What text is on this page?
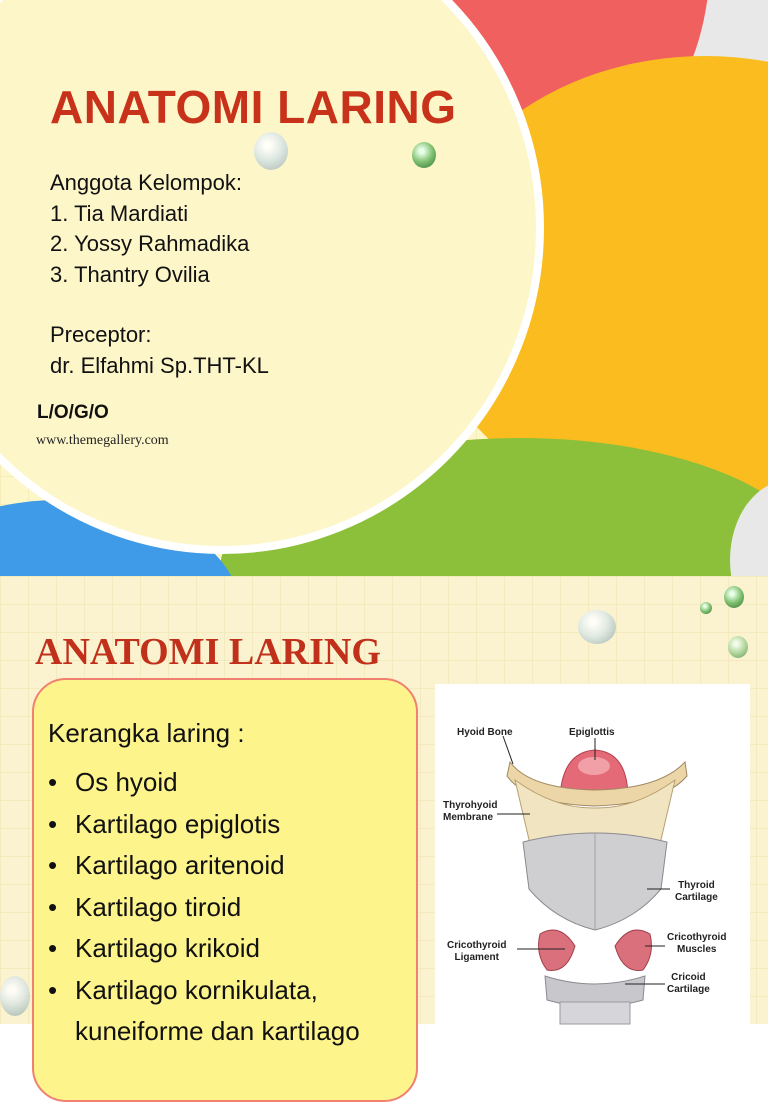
ANATOMI LARING
Anggota Kelompok:
1. Tia Mardiati
2. Yossy Rahmadika
3. Thantry Ovilia
Preceptor:
dr. Elfahmi Sp.THT-KL
L/O/G/O
www.themegallery.com
ANATOMI LARING
Kerangka laring :
• Os hyoid
• Kartilago epiglotis
• Kartilago aritenoid
• Kartilago tiroid
• Kartilago krikoid
• Kartilago kornikulata,
kuneiforme dan kartilago
Hyoid Bone	Epiglottis
Thyrohyoid
Membrane
Thyroid
Cartilage
Cricothyroid
Ligament
Cricothyroid
Muscles
Cricoid
Cartilage
